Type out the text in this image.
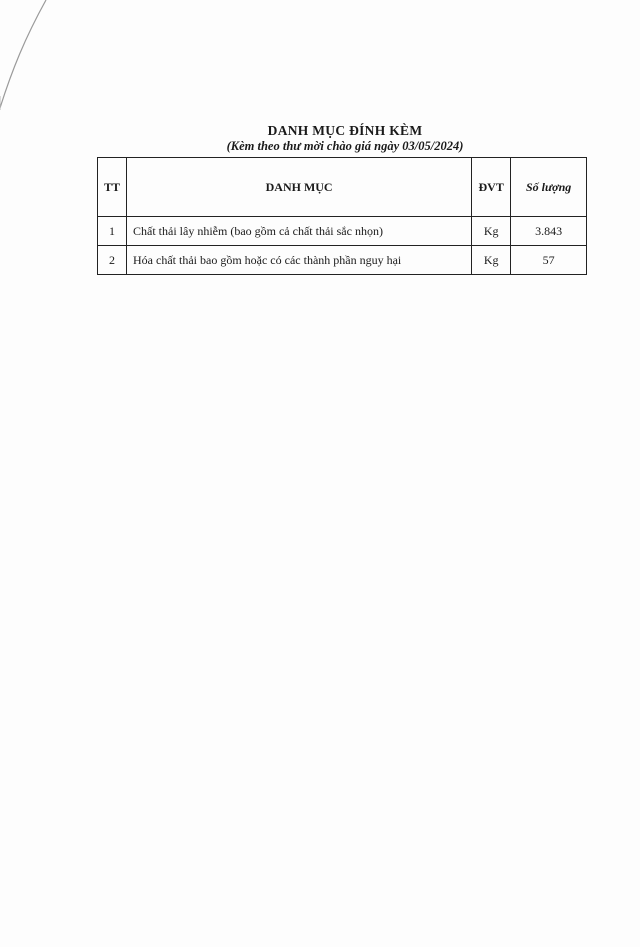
DANH MỤC ĐÍNH KÈM
(Kèm theo thư mời chào giá ngày 03/05/2024)
TT	DANH MỤC	ĐVT	Số lượng
1	Chất thải lây nhiễm (bao gồm cả chất thải sắc nhọn)	Kg	3.843
2	Hóa chất thải bao gồm hoặc có các thành phần nguy hại	Kg	57
